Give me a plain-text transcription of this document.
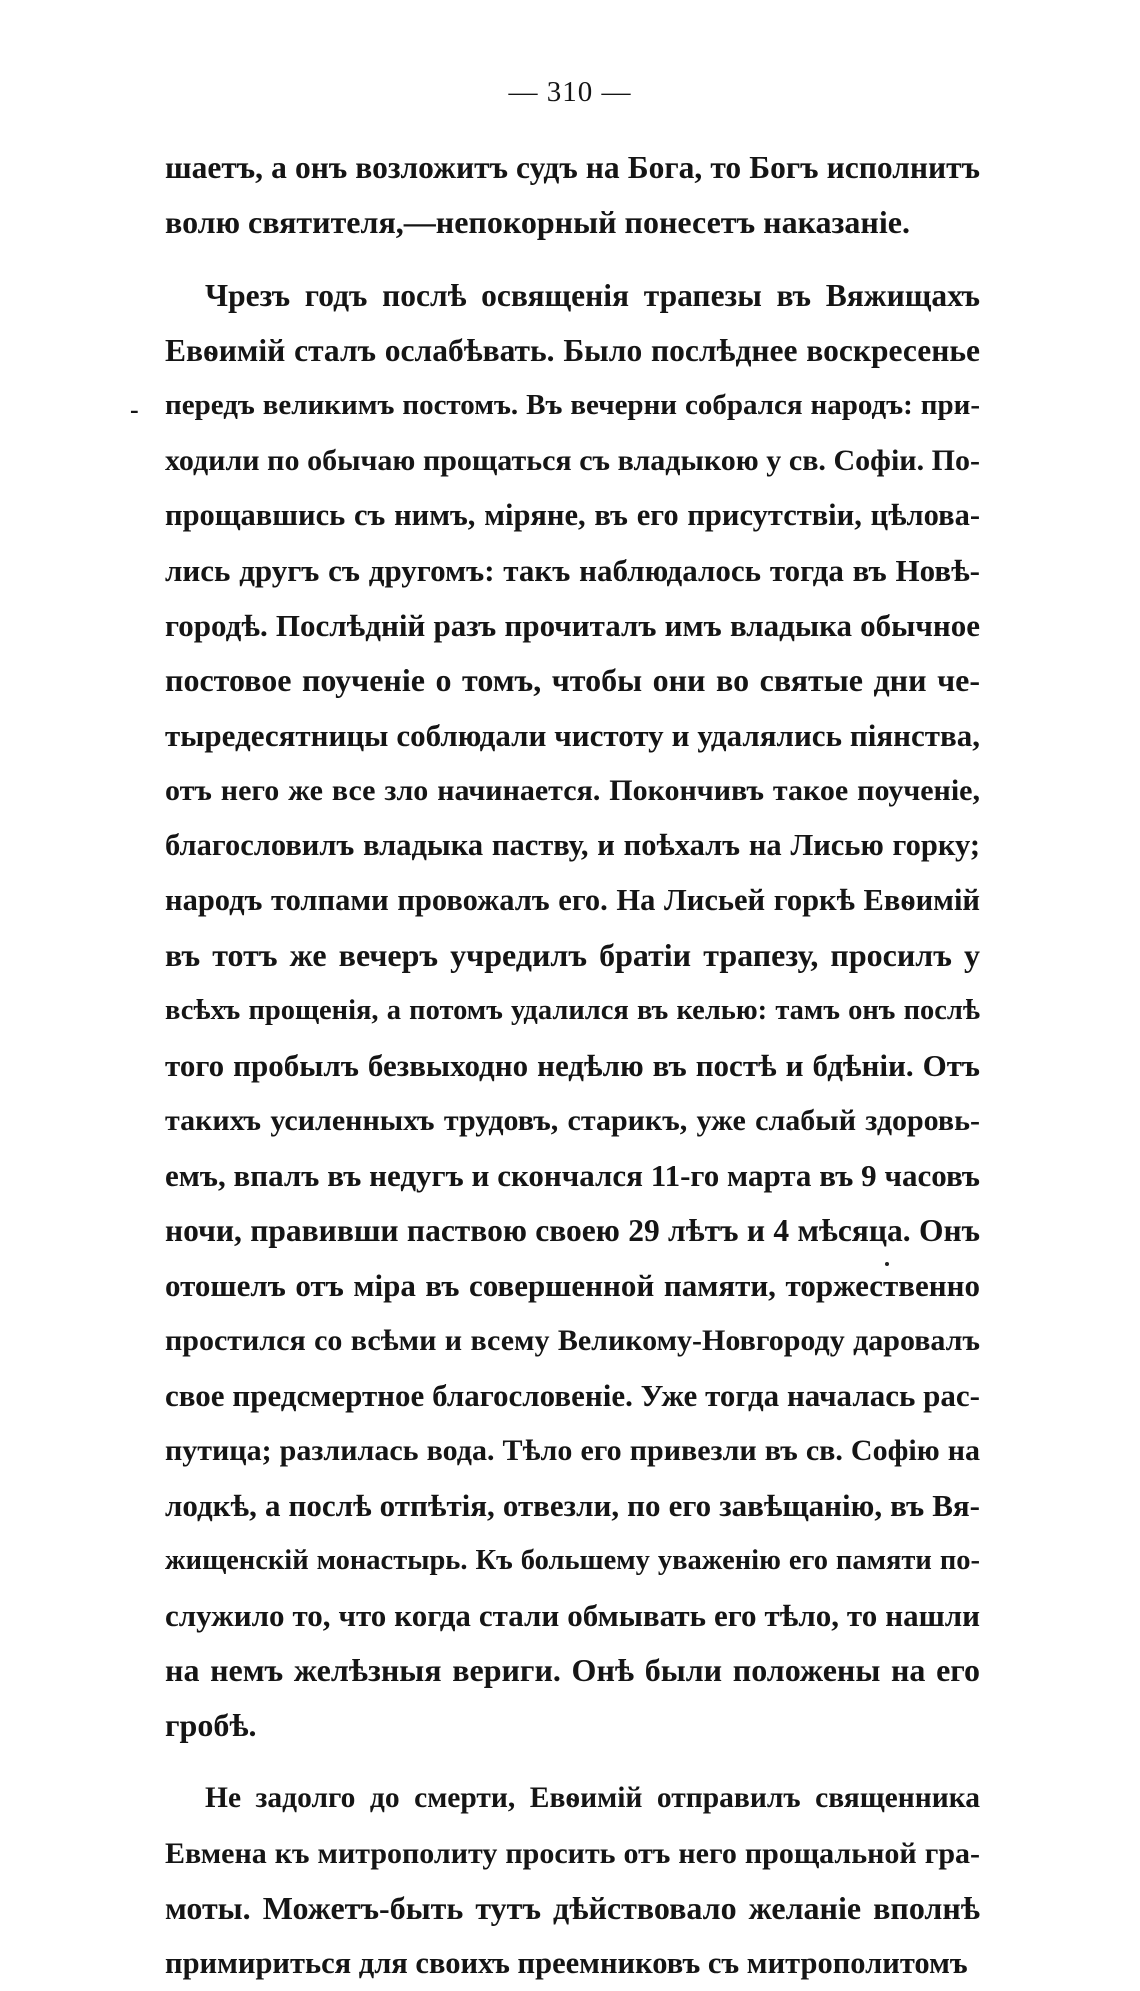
— 310 —
-
шаетъ, а онъ возложитъ судъ на Бога, то Богъ исполнитъ
волю святителя,—непокорный понесетъ наказаніе.
Чрезъ годъ послѣ освященія трапезы въ Вяжищахъ
Евѳимій сталъ ослабѣвать. Было послѣднее воскресенье
передъ великимъ постомъ. Въ вечерни собрался народъ: при-
ходили по обычаю прощаться съ владыкою у св. Софіи. По-
прощавшись съ нимъ, міряне, въ его присутствіи, цѣлова-
лись другъ съ другомъ: такъ наблюдалось тогда въ Новѣ-
городѣ. Послѣдній разъ прочиталъ имъ владыка обычное
постовое поученіе о томъ, чтобы они во святые дни че-
тыредесятницы соблюдали чистоту и удалялись піянства,
отъ него же все зло начинается. Покончивъ такое поученіе,
благословилъ владыка паству, и поѣхалъ на Лисью горку;
народъ толпами провожалъ его. На Лисьей горкѣ Евѳимій
въ тотъ же вечеръ учредилъ братіи трапезу, просилъ у
всѣхъ прощенія, а потомъ удалился въ келью: тамъ онъ послѣ
того пробылъ безвыходно недѣлю въ постѣ и бдѣніи. Отъ
такихъ усиленныхъ трудовъ, старикъ, уже слабый здоровь-
емъ, впалъ въ недугъ и скончался 11-го марта въ 9 часовъ
ночи, правивши паствою своею 29 лѣтъ и 4 мѣсяца. Онъ
отошелъ отъ міра въ совершенной памяти, торжественно
простился со всѣми и всему Великому-Новгороду даровалъ
свое предсмертное благословеніе. Уже тогда началась рас-
путица; разлилась вода. Тѣло его привезли въ св. Софію на
лодкѣ, а послѣ отпѣтія, отвезли, по его завѣщанію, въ Вя-
жищенскій монастырь. Къ большему уваженію его памяти по-
служило то, что когда стали обмывать его тѣло, то нашли
на немъ желѣзныя вериги. Онѣ были положены на его
гробѣ.
Не задолго до смерти, Евѳимій отправилъ священника
Евмена къ митрополиту просить отъ него прощальной гра-
моты. Можетъ-быть тутъ дѣйствовало желаніе вполнѣ
примириться для своихъ преемниковъ съ митрополитомъ
